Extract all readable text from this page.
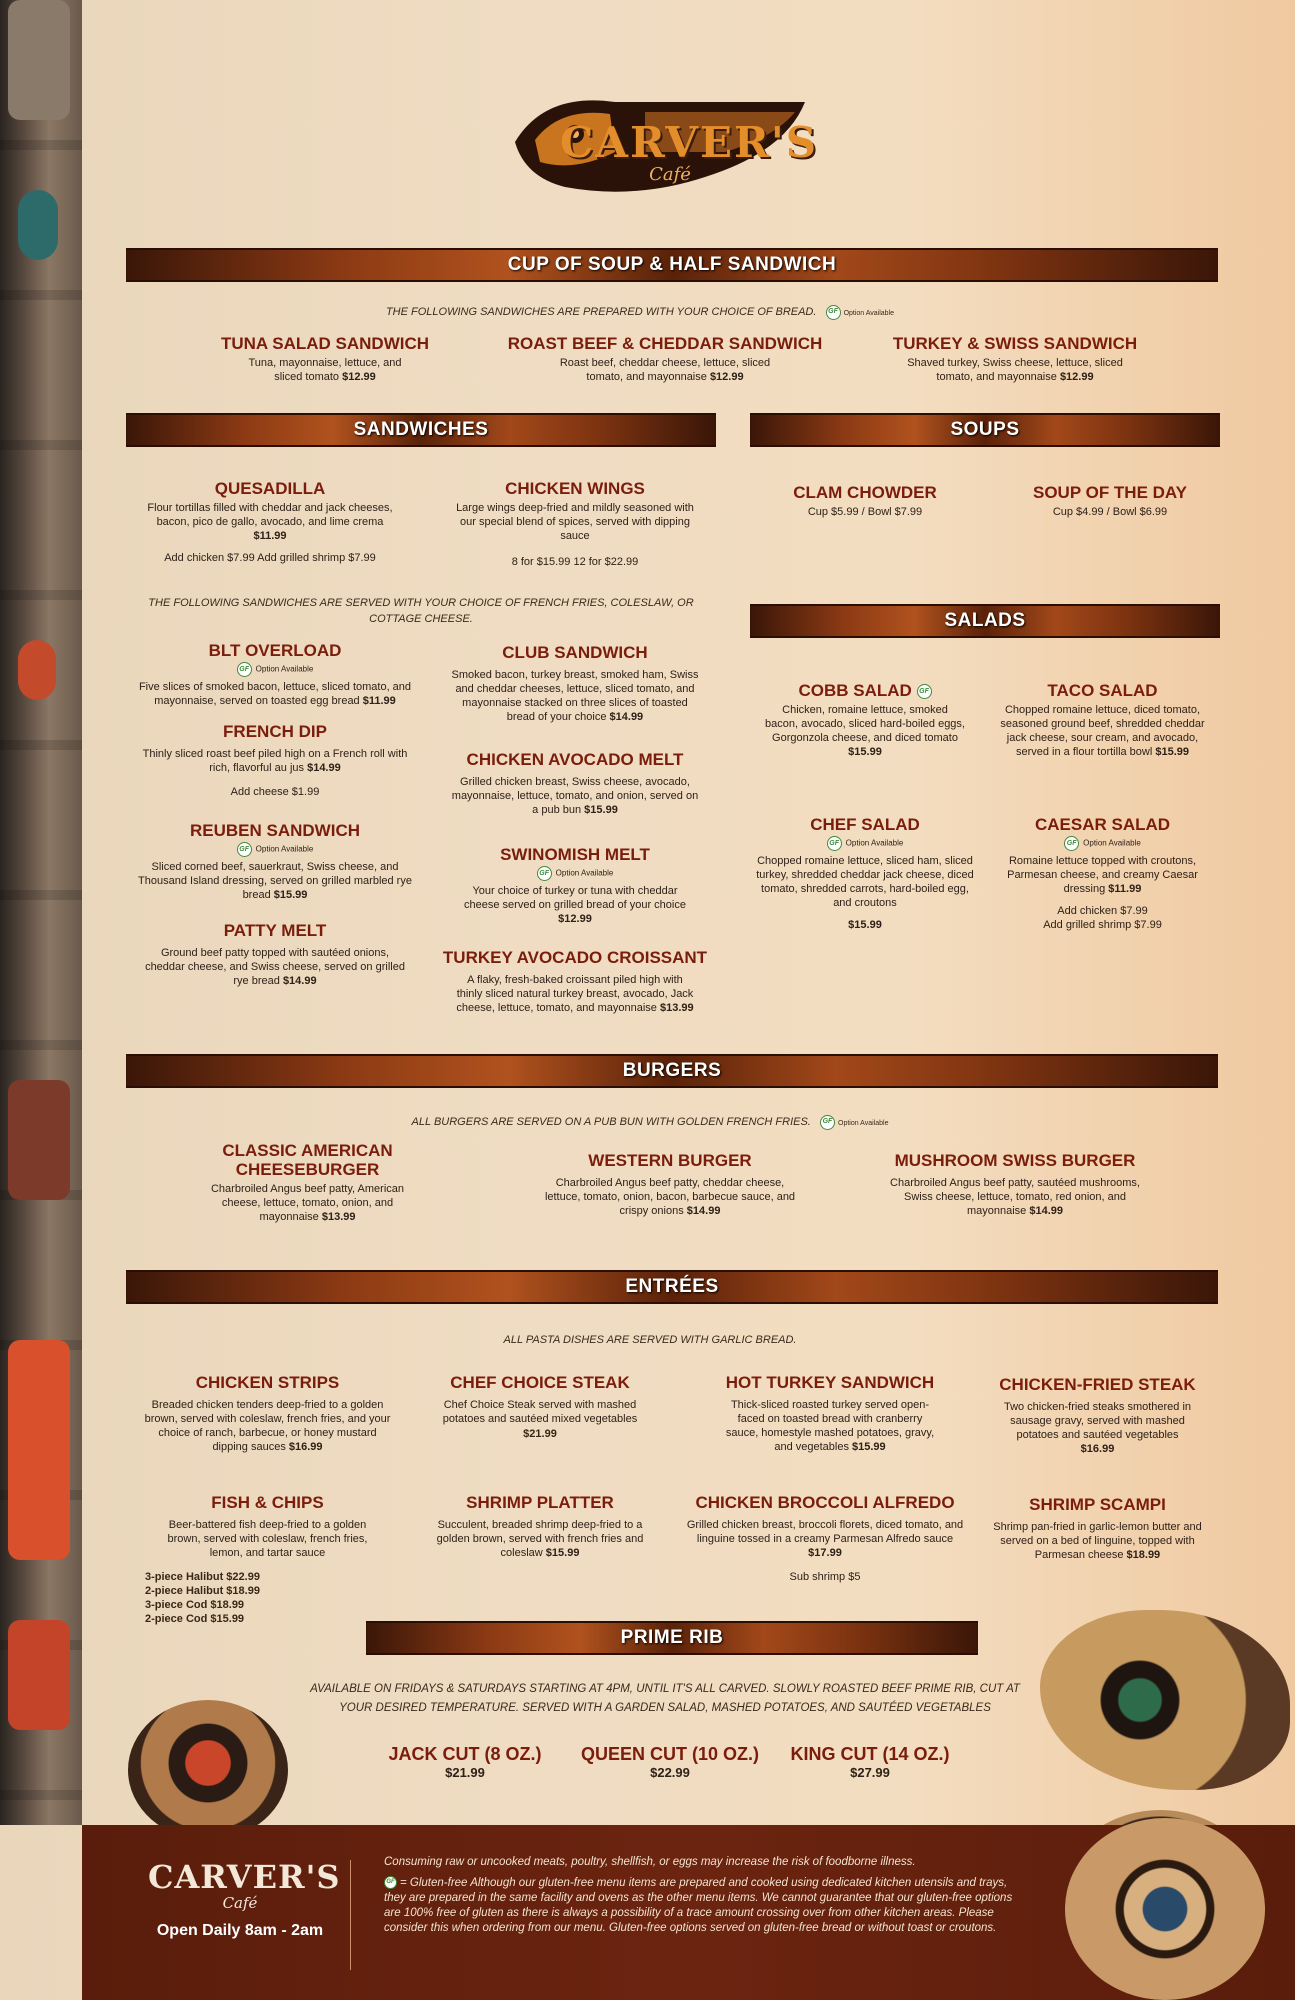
CARVER'S
Café
CUP OF SOUP & HALF SANDWICH
THE FOLLOWING SANDWICHES ARE PREPARED WITH YOUR CHOICE OF BREAD. GF Option Available
TUNA SALAD SANDWICH

Tuna, mayonnaise, lettuce, and sliced tomato $12.99

ROAST BEEF & CHEDDAR SANDWICH

Roast beef, cheddar cheese, lettuce, sliced tomato, and mayonnaise $12.99

TURKEY & SWISS SANDWICH

Shaved turkey, Swiss cheese, lettuce, sliced tomato, and mayonnaise $12.99

SANDWICHES	SOUPS
QUESADILLA

Flour tortillas filled with cheddar and jack cheeses, bacon, pico de gallo, avocado, and lime crema $11.99

Add chicken $7.99 Add grilled shrimp $7.99
CHICKEN WINGS

Large wings deep-fried and mildly seasoned with our special blend of spices, served with dipping sauce

8 for $15.99 12 for $22.99
CLAM CHOWDER

Cup $5.99 / Bowl $7.99

SOUP OF THE DAY

Cup $4.99 / Bowl $6.99

THE FOLLOWING SANDWICHES ARE SERVED WITH YOUR CHOICE OF FRENCH FRIES, COLESLAW, OR COTTAGE CHEESE.	SALADS
BLT OVERLOAD
GF Option Available

Five slices of smoked bacon, lettuce, sliced tomato, and mayonnaise, served on toasted egg bread $11.99

FRENCH DIP

Thinly sliced roast beef piled high on a French roll with rich, flavorful au jus $14.99

Add cheese $1.99
REUBEN SANDWICH
GF Option Available

Sliced corned beef, sauerkraut, Swiss cheese, and Thousand Island dressing, served on grilled marbled rye bread $15.99

PATTY MELT

Ground beef patty topped with sautéed onions, cheddar cheese, and Swiss cheese, served on grilled rye bread $14.99

CLUB SANDWICH

Smoked bacon, turkey breast, smoked ham, Swiss and cheddar cheeses, lettuce, sliced tomato, and mayonnaise stacked on three slices of toasted bread of your choice $14.99

CHICKEN AVOCADO MELT

Grilled chicken breast, Swiss cheese, avocado, mayonnaise, lettuce, tomato, and onion, served on a pub bun $15.99

SWINOMISH MELT
GF Option Available

Your choice of turkey or tuna with cheddar cheese served on grilled bread of your choice $12.99

TURKEY AVOCADO CROISSANT

A flaky, fresh-baked croissant piled high with thinly sliced natural turkey breast, avocado, Jack cheese, lettuce, tomato, and mayonnaise $13.99

COBB SALAD GF

Chicken, romaine lettuce, smoked bacon, avocado, sliced hard-boiled eggs, Gorgonzola cheese, and diced tomato $15.99

TACO SALAD

Chopped romaine lettuce, diced tomato, seasoned ground beef, shredded cheddar jack cheese, sour cream, and avocado, served in a flour tortilla bowl $15.99

CHEF SALAD
GF Option Available

Chopped romaine lettuce, sliced ham, sliced turkey, shredded cheddar jack cheese, diced tomato, shredded carrots, hard-boiled egg, and croutons

$15.99
CAESAR SALAD
GF Option Available

Romaine lettuce topped with croutons, Parmesan cheese, and creamy Caesar dressing $11.99

Add chicken $7.99
Add grilled shrimp $7.99
BURGERS
ALL BURGERS ARE SERVED ON A PUB BUN WITH GOLDEN FRENCH FRIES. GF Option Available
CLASSIC AMERICAN CHEESEBURGER

Charbroiled Angus beef patty, American cheese, lettuce, tomato, onion, and mayonnaise $13.99

WESTERN BURGER

Charbroiled Angus beef patty, cheddar cheese, lettuce, tomato, onion, bacon, barbecue sauce, and crispy onions $14.99

MUSHROOM SWISS BURGER

Charbroiled Angus beef patty, sautéed mushrooms, Swiss cheese, lettuce, tomato, red onion, and mayonnaise $14.99

ENTRÉES
ALL PASTA DISHES ARE SERVED WITH GARLIC BREAD.
CHICKEN STRIPS

Breaded chicken tenders deep-fried to a golden brown, served with coleslaw, french fries, and your choice of ranch, barbecue, or honey mustard dipping sauces $16.99

CHEF CHOICE STEAK

Chef Choice Steak served with mashed potatoes and sautéed mixed vegetables

$21.99
HOT TURKEY SANDWICH

Thick-sliced roasted turkey served open-faced on toasted bread with cranberry sauce, homestyle mashed potatoes, gravy, and vegetables $15.99

CHICKEN-FRIED STEAK

Two chicken-fried steaks smothered in sausage gravy, served with mashed potatoes and sautéed vegetables $16.99

FISH & CHIPS

Beer-battered fish deep-fried to a golden brown, served with coleslaw, french fries, lemon, and tartar sauce

3-piece Halibut $22.99
2-piece Halibut $18.99
3-piece Cod $18.99
2-piece Cod $15.99
SHRIMP PLATTER

Succulent, breaded shrimp deep-fried to a golden brown, served with french fries and coleslaw $15.99

CHICKEN BROCCOLI ALFREDO

Grilled chicken breast, broccoli florets, diced tomato, and linguine tossed in a creamy Parmesan Alfredo sauce $17.99

Sub shrimp $5
SHRIMP SCAMPI

Shrimp pan-fried in garlic-lemon butter and served on a bed of linguine, topped with Parmesan cheese $18.99

PRIME RIB
AVAILABLE ON FRIDAYS & SATURDAYS STARTING AT 4PM, UNTIL IT'S ALL CARVED. SLOWLY ROASTED BEEF PRIME RIB, CUT AT YOUR DESIRED TEMPERATURE. SERVED WITH A GARDEN SALAD, MASHED POTATOES, AND SAUTÉED VEGETABLES
JACK CUT (8 OZ.)

$21.99

QUEEN CUT (10 OZ.)

$22.99

KING CUT (14 OZ.)

$27.99

CARVER'S
Café
Open Daily 8am - 2am
Consuming raw or uncooked meats, poultry, shellfish, or eggs may increase the risk of foodborne illness.
GF = Gluten-free Although our gluten-free menu items are prepared and cooked using dedicated kitchen utensils and trays, they are prepared in the same facility and ovens as the other menu items. We cannot guarantee that our gluten-free options are 100% free of gluten as there is always a possibility of a trace amount crossing over from other kitchen areas. Please consider this when ordering from our menu. Gluten-free options served on gluten-free bread or without toast or croutons.
